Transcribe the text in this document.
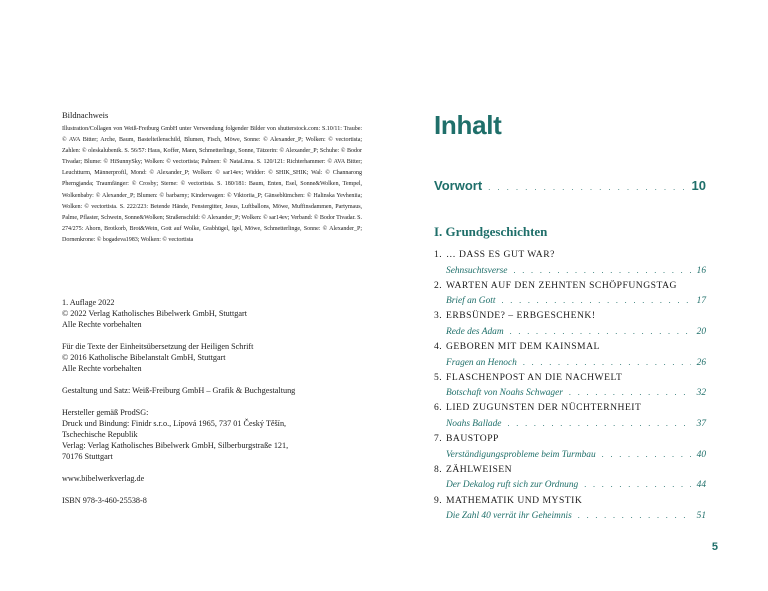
Bildnachweis

Illustration/Collagen von Weiß-Freiburg GmbH unter Verwendung folgender Bilder von shutterstock.com: S.10/11: Traube: © AVA Bitter; Arche, Baum, Bastelteilenschild, Blumen, Fisch, Möwe, Sonne: © Alexander_P; Wolken: © vectortista; Zahlen: © oleskalubenik. S. 56/57: Haus, Koffer, Mann, Schmetterlinge, Sonne, Tätzerin: © Alexander_P; Schuhe: © Bodor Tivadar; Blume: © HiSunnySky; Wolken: © vectortista; Palmen: © NataLima. S. 120/121: Richterhammer: © AVA Bitter; Leuchtturm, Männerprofil, Mond: © Alexander_P; Wolken: © sar14ev; Widder: © SHIK_SHIK; Wal: © Channarong Pherngjanda; Traumfänger: © Crosby; Sterne: © vectortista. S. 180/181: Baum, Enten, Esel, Sonne&Wolken, Tempel, Wolkenbaby: © Alexander_P; Blumen: © barbarny; Kinderwagen: © Viktoriia_P; Gänseblümchen: © Halinska Yevheniia; Wolken: © vectortista. S. 222/223: Betende Hände, Fenstergitter, Jesus, Luftballons, Möwe, Muffinsdammen, Partymaus, Palme, Pflaster, Schwein, Sonne&Wolken; Straßenschild: © Alexander_P; Wolken: © sar14ev; Verband: © Bodor Tivadar. S. 274/275: Ahorn, Brotkorb, Brot&Wein, Gott auf Wolke, Grabhügel, Igel, Möwe, Schmetterlinge, Sonne: © Alexander_P; Dornenkrone: © bogadeva1983; Wolken: © vectortista

1. Auflage 2022
© 2022 Verlag Katholisches Bibelwerk GmbH, Stuttgart
Alle Rechte vorbehalten
Für die Texte der Einheitsübersetzung der Heiligen Schrift
© 2016 Katholische Bibelanstalt GmbH, Stuttgart
Alle Rechte vorbehalten
Gestaltung und Satz: Weiß-Freiburg GmbH – Grafik & Buchgestaltung
Hersteller gemäß ProdSG:
Druck und Bindung: Finidr s.r.o., Lípová 1965, 737 01 Český Těšín,
Tschechische Republik
Verlag: Verlag Katholisches Bibelwerk GmbH, Silberburgstraße 121,
70176 Stuttgart
www.bibelwerkverlag.de
ISBN 978-3-460-25538-8
Inhalt
Vorwort . . .	10
I. Grundgeschichten
1. … DASS ES GUT WAR?
Sehnsuchtsverse . . .	16
2. WARTEN AUF DEN ZEHNTEN SCHÖPFUNGSTAG
Brief an Gott . . .	17
3. ERBSÜNDE? – ERBGESCHENK!
Rede des Adam . . .	20
4. GEBOREN MIT DEM KAINSMAL
Fragen an Henoch . . .	26
5. FLASCHENPOST AN DIE NACHWELT
Botschaft von Noahs Schwager . . .	32
6. LIED ZUGUNSTEN DER NÜCHTERNHEIT
Noahs Ballade . . .	37
7. BAUSTOPP
Verständigungsprobleme beim Turmbau . . .	40
8. ZÄHLWEISEN
Der Dekalog ruft sich zur Ordnung . . .	44
9. MATHEMATIK UND MYSTIK
Die Zahl 40 verrät ihr Geheimnis . . .	51
5
